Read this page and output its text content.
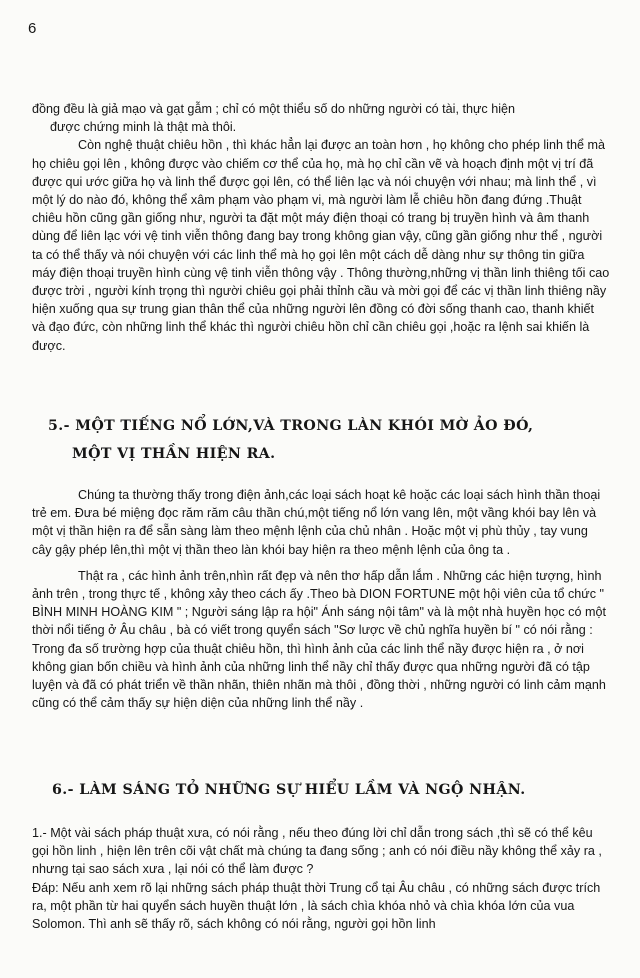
6

đồng đều là giả mạo và gạt gẫm ; chỉ có một thiểu số do những người có tài, thực hiện

được chứng minh là thật mà thôi.

Còn nghệ thuật chiêu hồn , thì khác hẳn lại được an toàn hơn , họ không cho phép linh thể mà họ chiêu gọi lên , không được vào chiếm cơ thể của họ, mà họ chỉ cần vẽ và hoạch định một vị trí đã được qui ước giữa họ và linh thể được gọi lên, có thể liên lạc và nói chuyện với nhau; mà linh thể , vì một lý do nào đó, không thể xâm phạm vào phạm vi, mà người làm lễ chiêu hồn đang đứng .Thuật chiêu hồn cũng gần giống như, người ta đặt một máy điện thoại có trang bị truyền hình và âm thanh dùng để liên lạc với vệ tinh viễn thông đang bay trong không gian vậy, cũng gần giống như thể , người ta có thể thấy và nói chuyện với các linh thể mà họ gọi lên một cách dễ dàng như sự thông tin giữa máy điện thoại truyền hình cùng vệ tinh viễn thông vậy . Thông thường,những vị thần linh thiêng tối cao được trời , người kính trọng thì người chiêu gọi phải thỉnh cầu và mời gọi để các vị thần linh thiêng nầy hiện xuống qua sự trung gian thân thể của những người lên đồng có đời sống thanh cao, thanh khiết và đạo đức, còn những linh thể khác thì người chiêu hồn chỉ cần chiêu gọi ,hoặc ra lệnh sai khiến là được.

5.- MỘT TIẾNG NỔ LỚN,VÀ TRONG LÀN KHÓI MỜ ẢO ĐÓ,
MỘT VỊ THẦN HIỆN RA.

Chúng ta thường thấy trong điện ảnh,các loại sách hoạt kê hoặc các loại sách hình thần thoại trẻ em. Đưa bé miệng đọc răm răm câu thần chú,một tiếng nổ lớn vang lên, một vầng khói bay lên và một vị thần hiện ra để sẵn sàng làm theo mệnh lệnh của chủ nhân . Hoặc một vị phù thủy , tay vung cây gậy phép lên,thì một vị thần theo làn khói bay hiện ra theo mệnh lệnh của ông ta .

Thật ra , các hình ảnh trên,nhìn rất đẹp và nên thơ hấp dẫn lắm . Những các hiện tượng, hình ảnh trên , trong thực tế , không xảy theo cách ấy .Theo bà DION FORTUNE một hội viên của tổ chức " BÌNH MINH HOÀNG KIM " ; Người sáng lập ra hội" Ánh sáng nội tâm" và là một nhà huyền học có một thời nổi tiếng ở Âu châu , bà có viết trong quyển sách "Sơ lược về chủ nghĩa huyền bí " có nói rằng : Trong đa số trường hợp của thuật chiêu hồn, thì hình ảnh của các linh thể nầy được hiện ra , ở nơi không gian bốn chiều và hình ảnh của những linh thể nầy chỉ thấy được qua những người đã có tập luyện và đã có phát triển về thần nhãn, thiên nhãn mà thôi , đồng thời , những người có linh cảm mạnh cũng có thể cảm thấy sự hiện diện của những linh thể nầy .

6.- LÀM SÁNG TỎ NHỮNG SỰ HIỂU LẦM VÀ NGỘ NHẬN.

1.- Một vài sách pháp thuật xưa, có nói rằng , nếu theo đúng lời chỉ dẫn trong sách ,thì sẽ có thể kêu gọi hồn linh , hiện lên trên cõi vật chất mà chúng ta đang sống ; anh có nói điều nầy không thể xảy ra , nhưng tại sao sách xưa , lại nói có thể làm được ?

Đáp: Nếu anh xem rõ lại những sách pháp thuật thời Trung cổ tại Âu châu , có những sách được trích ra, một phần từ hai quyển sách huyền thuật lớn , là sách chìa khóa nhỏ và chìa khóa lớn của vua Solomon. Thì anh sẽ thấy rõ, sách không có nói rằng, người gọi hồn linh
